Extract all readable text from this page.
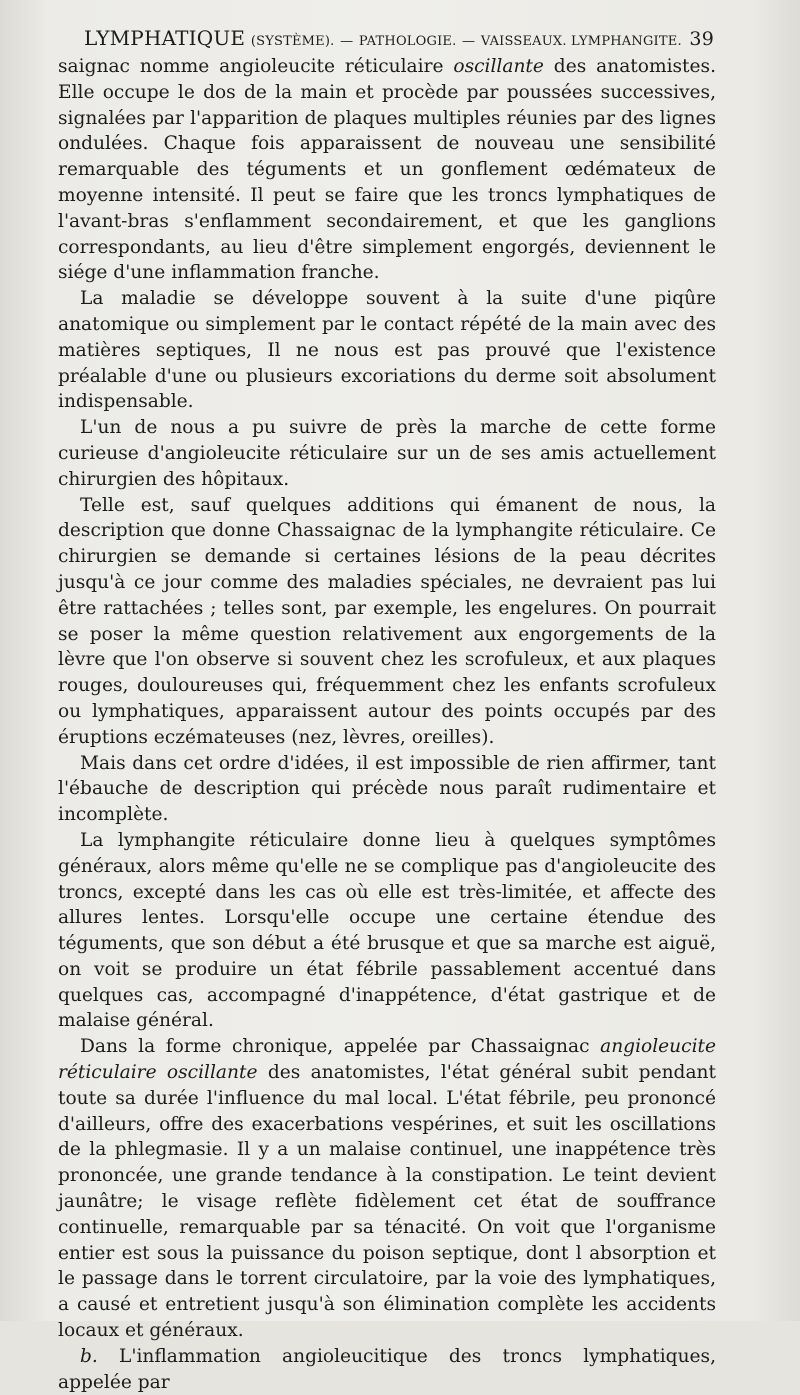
LYMPHATIQUE (SYSTÈME). — PATHOLOGIE. — VAISSEAUX. LYMPHANGITE. 39

saignac nomme angioleucite réticulaire oscillante des anatomistes. Elle occupe le dos de la main et procède par poussées successives, signalées par l'apparition de plaques multiples réunies par des lignes ondulées. Chaque fois apparaissent de nouveau une sensibilité remarquable des téguments et un gonflement œdémateux de moyenne intensité. Il peut se faire que les troncs lymphatiques de l'avant-bras s'enflamment secondairement, et que les ganglions correspondants, au lieu d'être simplement engorgés, deviennent le siége d'une inflammation franche.

La maladie se développe souvent à la suite d'une piqûre anatomique ou simplement par le contact répété de la main avec des matières septiques, Il ne nous est pas prouvé que l'existence préalable d'une ou plusieurs excoriations du derme soit absolument indispensable.

L'un de nous a pu suivre de près la marche de cette forme curieuse d'angioleucite réticulaire sur un de ses amis actuellement chirurgien des hôpitaux.

Telle est, sauf quelques additions qui émanent de nous, la description que donne Chassaignac de la lymphangite réticulaire. Ce chirurgien se demande si certaines lésions de la peau décrites jusqu'à ce jour comme des maladies spéciales, ne devraient pas lui être rattachées ; telles sont, par exemple, les engelures. On pourrait se poser la même question relativement aux engorgements de la lèvre que l'on observe si souvent chez les scrofuleux, et aux plaques rouges, douloureuses qui, fréquemment chez les enfants scrofuleux ou lymphatiques, apparaissent autour des points occupés par des éruptions eczémateuses (nez, lèvres, oreilles).

Mais dans cet ordre d'idées, il est impossible de rien affirmer, tant l'ébauche de description qui précède nous paraît rudimentaire et incomplète.

La lymphangite réticulaire donne lieu à quelques symptômes généraux, alors même qu'elle ne se complique pas d'angioleucite des troncs, excepté dans les cas où elle est très-limitée, et affecte des allures lentes. Lorsqu'elle occupe une certaine étendue des téguments, que son début a été brusque et que sa marche est aiguë, on voit se produire un état fébrile passablement accentué dans quelques cas, accompagné d'inappétence, d'état gastrique et de malaise général.

Dans la forme chronique, appelée par Chassaignac angioleucite réticulaire oscillante des anatomistes, l'état général subit pendant toute sa durée l'influence du mal local. L'état fébrile, peu prononcé d'ailleurs, offre des exacerbations vespérines, et suit les oscillations de la phlegmasie. Il y a un malaise continuel, une inappétence très prononcée, une grande tendance à la constipation. Le teint devient jaunâtre; le visage reflète fidèlement cet état de souffrance continuelle, remarquable par sa ténacité. On voit que l'organisme entier est sous la puissance du poison septique, dont l absorption et le passage dans le torrent circulatoire, par la voie des lymphatiques, a causé et entretient jusqu'à son élimination complète les accidents locaux et généraux.

b. L'inflammation angioleucitique des troncs lymphatiques, appelée par
